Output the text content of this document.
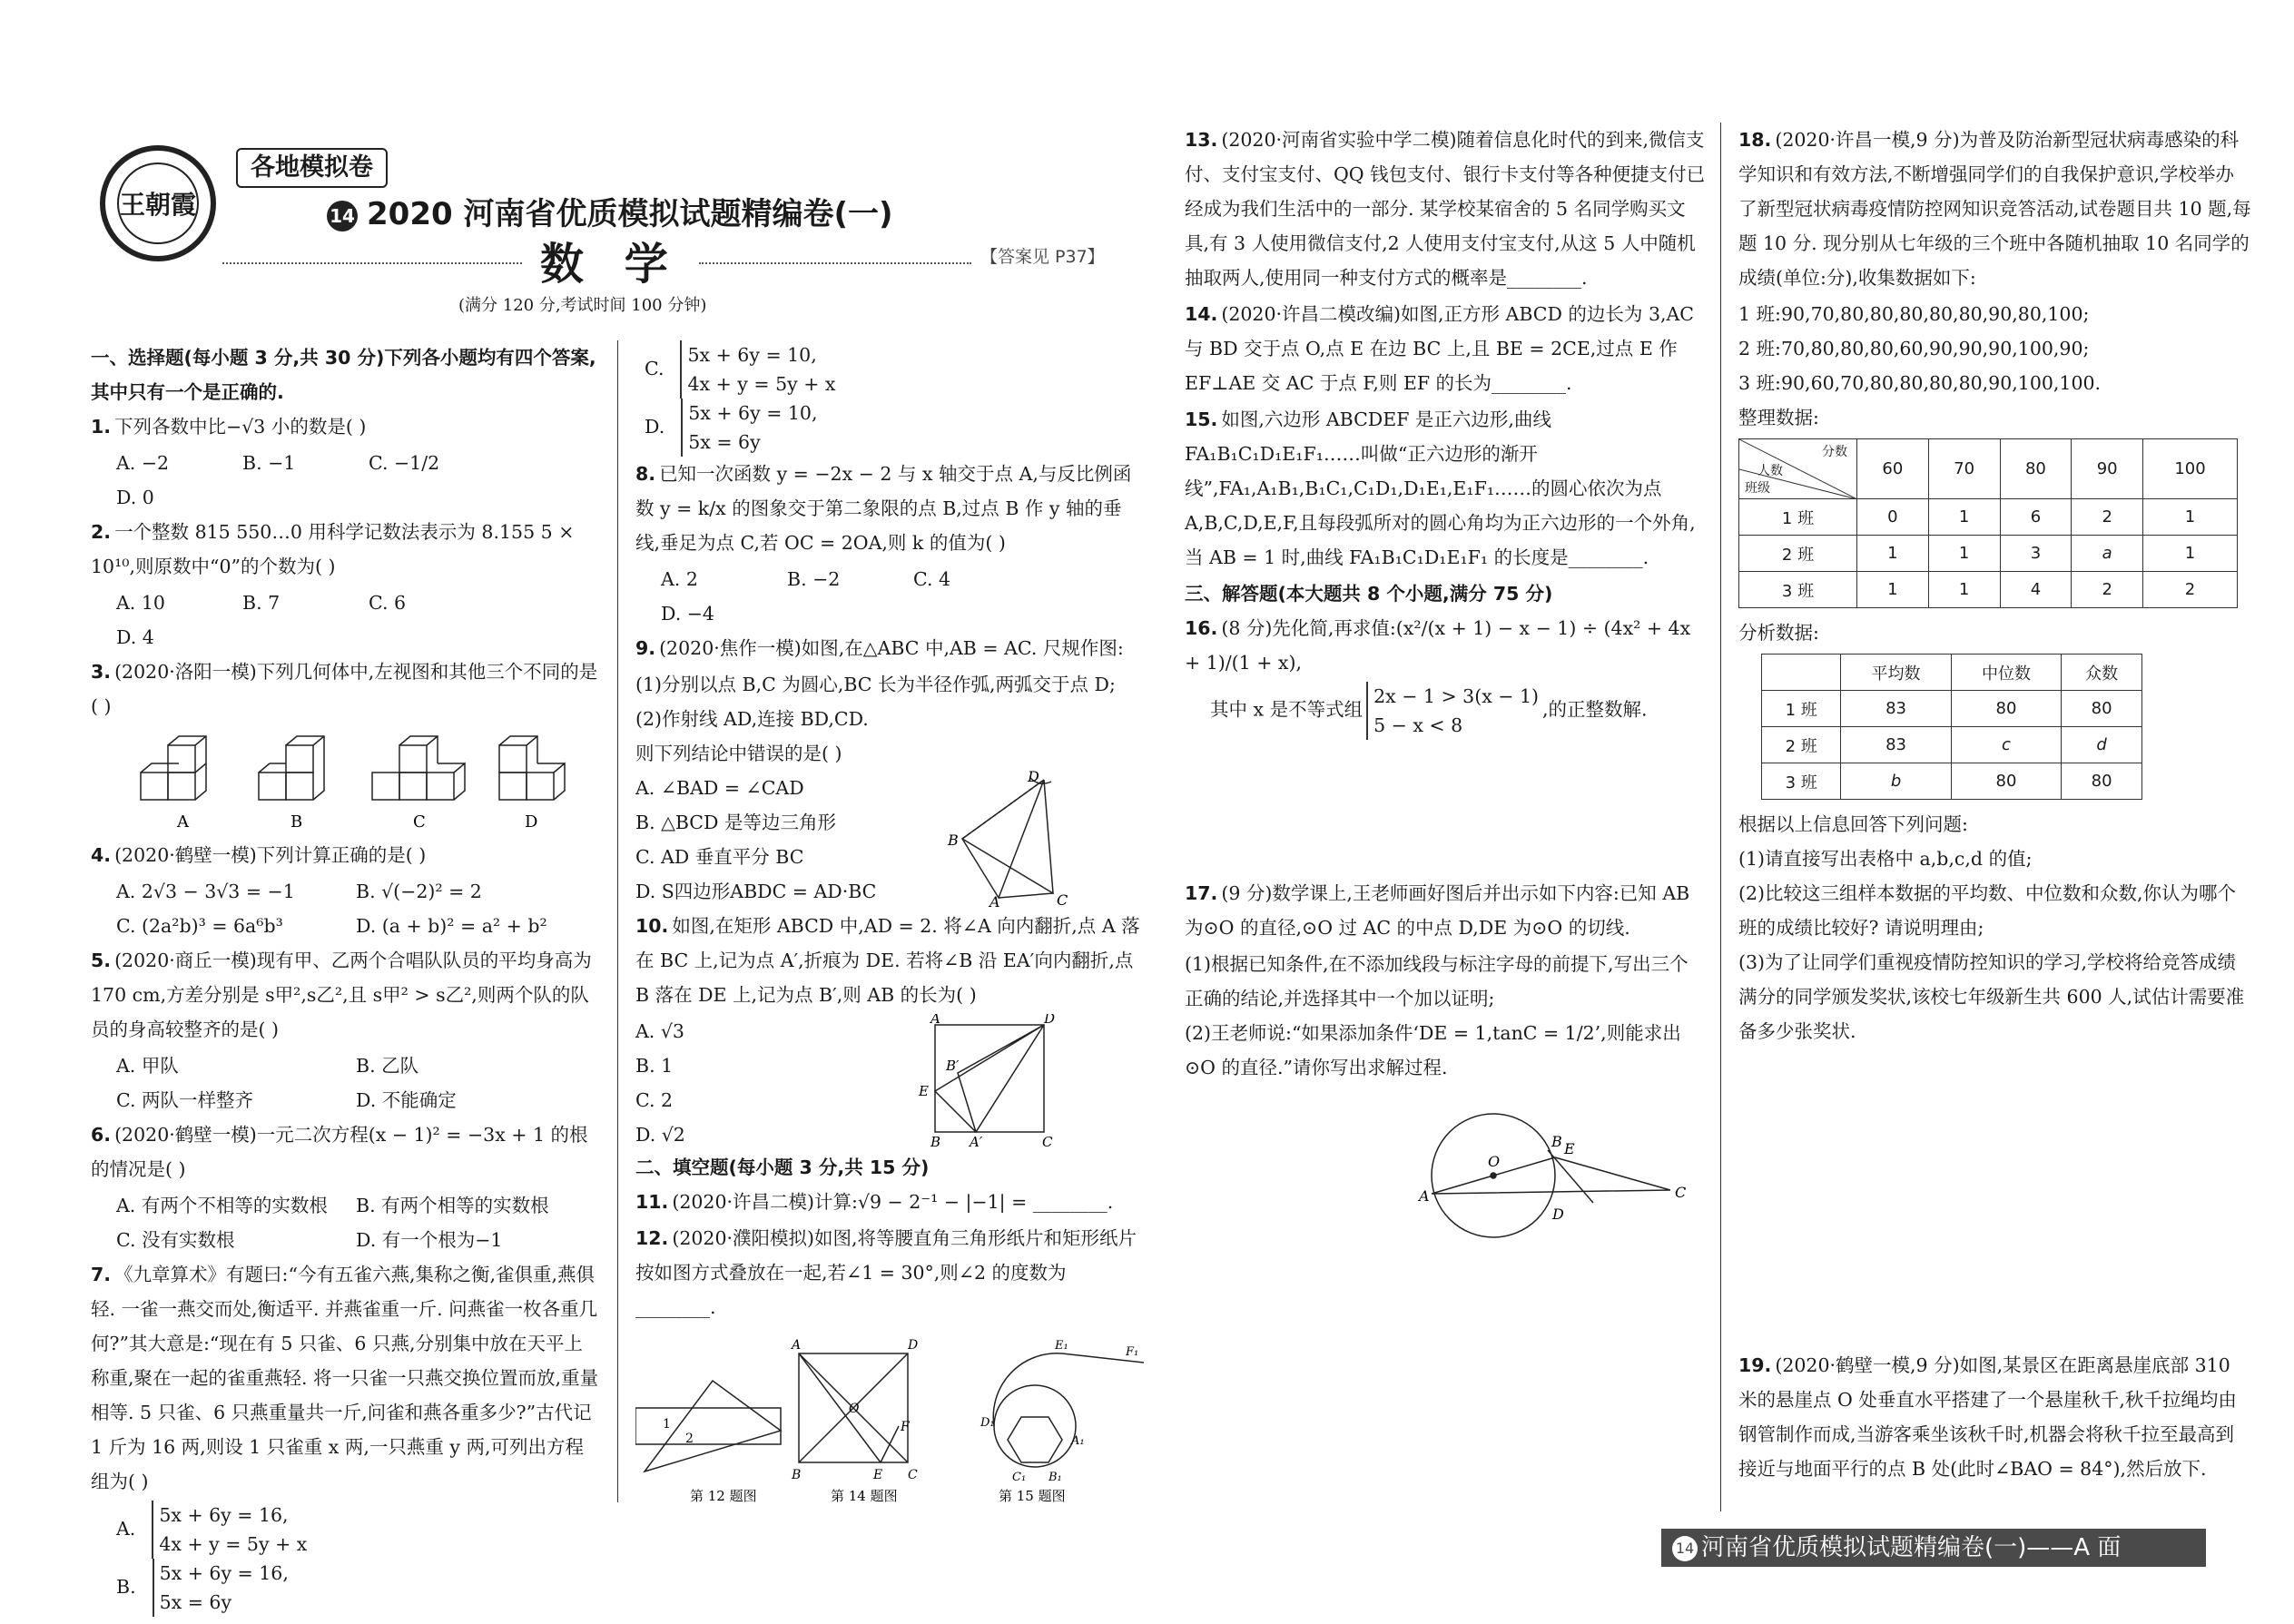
王朝霞
各地模拟卷
14 2020 河南省优质模拟试题精编卷(一)
数 学	【答案见 P37】
(满分 120 分,考试时间 100 分钟)
一、选择题(每小题 3 分,共 30 分)下列各小题均有四个答案,其中只有一个是正确的.
1. 下列各数中比−√3 小的数是( )
A. −2	B. −1	C. −1/2
D. 0
2. 一个整数 815 550…0 用科学记数法表示为 8.155 5 × 10¹⁰,则原数中“0”的个数为( )
A. 10	B. 7	C. 6
D. 4
3. (2020·洛阳一模)下列几何体中,左视图和其他三个不同的是( )
A	B	C	D
4. (2020·鹤壁一模)下列计算正确的是( )
A. 2√3 − 3√3 = −1	B. √(−2)² = 2
C. (2a²b)³ = 6a⁶b³	D. (a + b)² = a² + b²
5. (2020·商丘一模)现有甲、乙两个合唱队队员的平均身高为 170 cm,方差分别是 s甲²,s乙²,且 s甲² > s乙²,则两个队的队员的身高较整齐的是( )
A. 甲队	B. 乙队
C. 两队一样整齐	D. 不能确定
6. (2020·鹤壁一模)一元二次方程(x − 1)² = −3x + 1 的根的情况是( )
A. 有两个不相等的实数根	B. 有两个相等的实数根
C. 没有实数根	D. 有一个根为−1
7. 《九章算术》有题曰:“今有五雀六燕,集称之衡,雀俱重,燕俱轻. 一雀一燕交而处,衡适平. 并燕雀重一斤. 问燕雀一枚各重几何?”其大意是:“现在有 5 只雀、6 只燕,分别集中放在天平上称重,聚在一起的雀重燕轻. 将一只雀一只燕交换位置而放,重量相等. 5 只雀、6 只燕重量共一斤,问雀和燕各重多少?”古代记 1 斤为 16 两,则设 1 只雀重 x 两,一只燕重 y 两,可列出方程组为( )
A.5x + 6y = 16,
4x + y = 5y + x
B.5x + 6y = 16,
5x = 6y
C.5x + 6y = 10,
4x + y = 5y + x
D.5x + 6y = 10,
5x = 6y
8. 已知一次函数 y = −2x − 2 与 x 轴交于点 A,与反比例函数 y = k/x 的图象交于第二象限的点 B,过点 B 作 y 轴的垂线,垂足为点 C,若 OC = 2OA,则 k 的值为( )
A. 2	B. −2	C. 4
D. −4
9. (2020·焦作一模)如图,在△ABC 中,AB = AC. 尺规作图:
(1)分别以点 B,C 为圆心,BC 长为半径作弧,两弧交于点 D;
(2)作射线 AD,连接 BD,CD.
则下列结论中错误的是( )
A. ∠BAD = ∠CAD
B. △BCD 是等边三角形
C. AD 垂直平分 BC
D. S四边形ABDC = AD·BC
D
B
A	C
10. 如图,在矩形 ABCD 中,AD = 2. 将∠A 向内翻折,点 A 落在 BC 上,记为点 A′,折痕为 DE. 若将∠B 沿 EA′向内翻折,点 B 落在 DE 上,记为点 B′,则 AB 的长为( )
A. √3
B. 1
C. 2
D. √2
A	D
E
B′
B A′	C
二、填空题(每小题 3 分,共 15 分)
11. (2020·许昌二模)计算:√9 − 2⁻¹ − |−1| = ________.
12. (2020·濮阳模拟)如图,将等腰直角三角形纸片和矩形纸片按如图方式叠放在一起,若∠1 = 30°,则∠2 的度数为________.
1
2
A	D
O
F
B	E C
E₁	F₁
D₁
C₁ B₁
A₁
第 12 题图	第 14 题图	第 15 题图
13. (2020·河南省实验中学二模)随着信息化时代的到来,微信支付、支付宝支付、QQ 钱包支付、银行卡支付等各种便捷支付已经成为我们生活中的一部分. 某学校某宿舍的 5 名同学购买文具,有 3 人使用微信支付,2 人使用支付宝支付,从这 5 人中随机抽取两人,使用同一种支付方式的概率是________.
14. (2020·许昌二模改编)如图,正方形 ABCD 的边长为 3,AC 与 BD 交于点 O,点 E 在边 BC 上,且 BE = 2CE,过点 E 作 EF⊥AE 交 AC 于点 F,则 EF 的长为________.
15. 如图,六边形 ABCDEF 是正六边形,曲线 FA₁B₁C₁D₁E₁F₁……叫做“正六边形的渐开线”,FA₁,A₁B₁,B₁C₁,C₁D₁,D₁E₁,E₁F₁……的圆心依次为点 A,B,C,D,E,F,且每段弧所对的圆心角均为正六边形的一个外角,当 AB = 1 时,曲线 FA₁B₁C₁D₁E₁F₁ 的长度是________.
三、解答题(本大题共 8 个小题,满分 75 分)
16. (8 分)先化简,再求值:(x²/(x + 1) − x − 1) ÷ (4x² + 4x + 1)/(1 + x),
其中 x 是不等式组2x − 1 > 3(x − 1)
5 − x < 8,的正整数解.
17. (9 分)数学课上,王老师画好图后并出示如下内容:已知 AB 为⊙O 的直径,⊙O 过 AC 的中点 D,DE 为⊙O 的切线.
(1)根据已知条件,在不添加线段与标注字母的前提下,写出三个正确的结论,并选择其中一个加以证明;
(2)王老师说:“如果添加条件‘DE = 1,tanC = 1/2’,则能求出⊙O 的直径.”请你写出求解过程.
A
O
B E
D
C
18. (2020·许昌一模,9 分)为普及防治新型冠状病毒感染的科学知识和有效方法,不断增强同学们的自我保护意识,学校举办了新型冠状病毒疫情防控网知识竞答活动,试卷题目共 10 题,每题 10 分. 现分别从七年级的三个班中各随机抽取 10 名同学的成绩(单位:分),收集数据如下:
1 班:90,70,80,80,80,80,80,90,80,100;
2 班:70,80,80,80,60,90,90,90,100,90;
3 班:90,60,70,80,80,80,80,90,100,100.
整理数据:
分数
人数
班级	60	70	80	90	100
1 班	0	1	6	2	1
2 班	1	1	3	a	1
3 班	1	1	4	2	2
分析数据:
	平均数	中位数	众数
1 班	83	80	80
2 班	83	c	d
3 班	b	80	80
根据以上信息回答下列问题:
(1)请直接写出表格中 a,b,c,d 的值;
(2)比较这三组样本数据的平均数、中位数和众数,你认为哪个班的成绩比较好? 请说明理由;
(3)为了让同学们重视疫情防控知识的学习,学校将给竞答成绩满分的同学颁发奖状,该校七年级新生共 600 人,试估计需要准备多少张奖状.
19. (2020·鹤壁一模,9 分)如图,某景区在距离悬崖底部 310 米的悬崖点 O 处垂直水平搭建了一个悬崖秋千,秋千拉绳均由钢管制作而成,当游客乘坐该秋千时,机器会将秋千拉至最高到接近与地面平行的点 B 处(此时∠BAO = 84°),然后放下.
14 河南省优质模拟试题精编卷(一)——A 面
